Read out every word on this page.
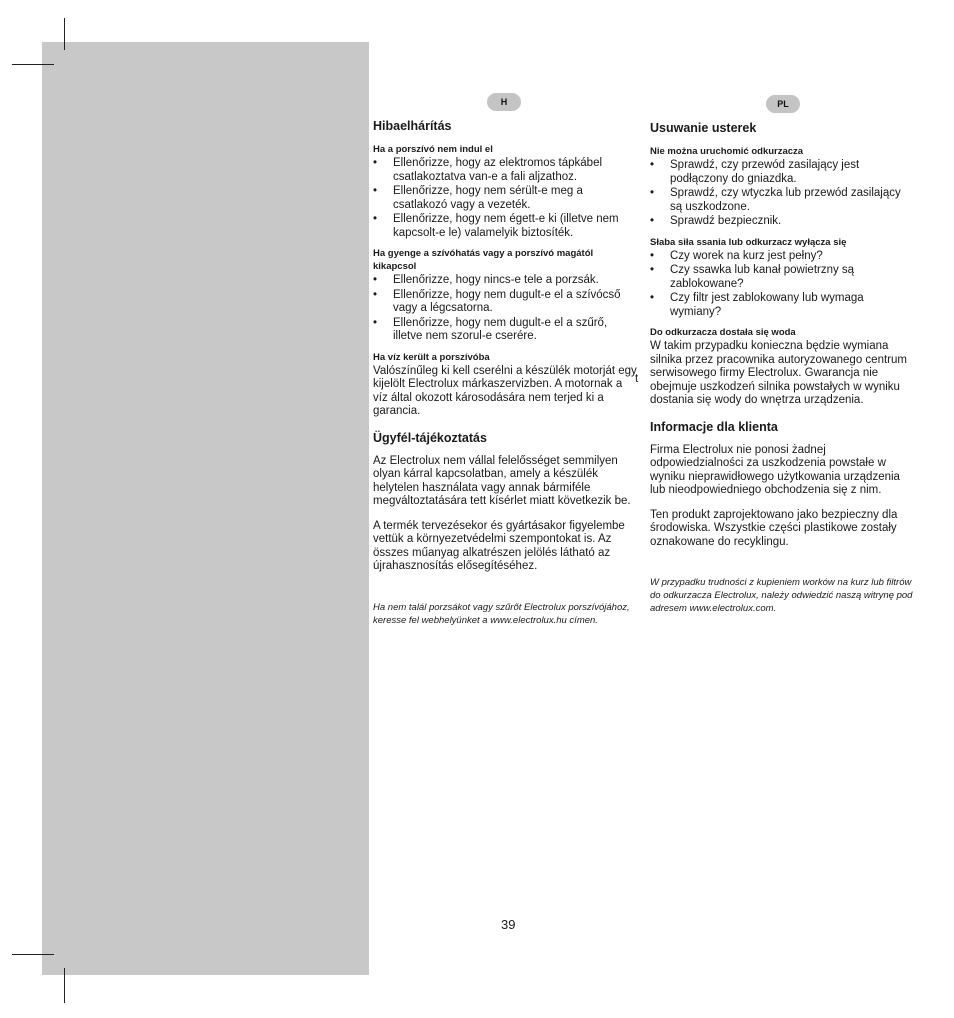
H
Hibaelhárítás
Ha a porszívó nem indul el
• Ellenőrizze, hogy az elektromos tápkábel csatlakoztatva van-e a fali aljzathoz.
• Ellenőrizze, hogy nem sérült-e meg a csatlakozó vagy a vezeték.
• Ellenőrizze, hogy nem égett-e ki (illetve nem kapcsolt-e le) valamelyik biztosíték.
Ha gyenge a szívóhatás vagy a porszívó magától kikapcsol
• Ellenőrizze, hogy nincs-e tele a porzsák.
• Ellenőrizze, hogy nem dugult-e el a szívócső vagy a légcsatorna.
• Ellenőrizze, hogy nem dugult-e el a szűrő, illetve nem szorul-e cserére.
Ha víz került a porszívóba

Valószínűleg ki kell cserélni a készülék motorját egy kijelölt Electrolux márkaszervizben. A motornak a víz által okozott károsodására nem terjed ki a garancia.

Ügyfél-tájékoztatás

Az Electrolux nem vállal felelősséget semmilyen olyan kárral kapcsolatban, amely a készülék helytelen használata vagy annak bármiféle megváltoztatására tett kísérlet miatt következik be.

A termék tervezésekor és gyártásakor figyelembe vettük a környezetvédelmi szempontokat is. Az összes műanyag alkatrészen jelölés látható az újrahasznosítás elősegítéséhez.

Ha nem talál porzsákot vagy szűrőt Electrolux porszívójához, keresse fel webhelyünket a www.electrolux.hu címen.

t
PL
Usuwanie usterek
Nie można uruchomić odkurzacza
• Sprawdź, czy przewód zasilający jest podłączony do gniazdka.
• Sprawdź, czy wtyczka lub przewód zasilający są uszkodzone.
• Sprawdź bezpiecznik.
Słaba siła ssania lub odkurzacz wyłącza się
• Czy worek na kurz jest pełny?
• Czy ssawka lub kanał powietrzny są zablokowane?
• Czy filtr jest zablokowany lub wymaga wymiany?
Do odkurzacza dostała się woda

W takim przypadku konieczna będzie wymiana silnika przez pracownika autoryzowanego centrum serwisowego firmy Electrolux. Gwarancja nie obejmuje uszkodzeń silnika powstałych w wyniku dostania się wody do wnętrza urządzenia.

Informacje dla klienta

Firma Electrolux nie ponosi żadnej odpowiedzialności za uszkodzenia powstałe w wyniku nieprawidłowego użytkowania urządzenia lub nieodpowiedniego obchodzenia się z nim.

Ten produkt zaprojektowano jako bezpieczny dla środowiska. Wszystkie części plastikowe zostały oznakowane do recyklingu.

W przypadku trudności z kupieniem worków na kurz lub filtrów do odkurzacza Electrolux, należy odwiedzić naszą witrynę pod adresem www.electrolux.com.

39
